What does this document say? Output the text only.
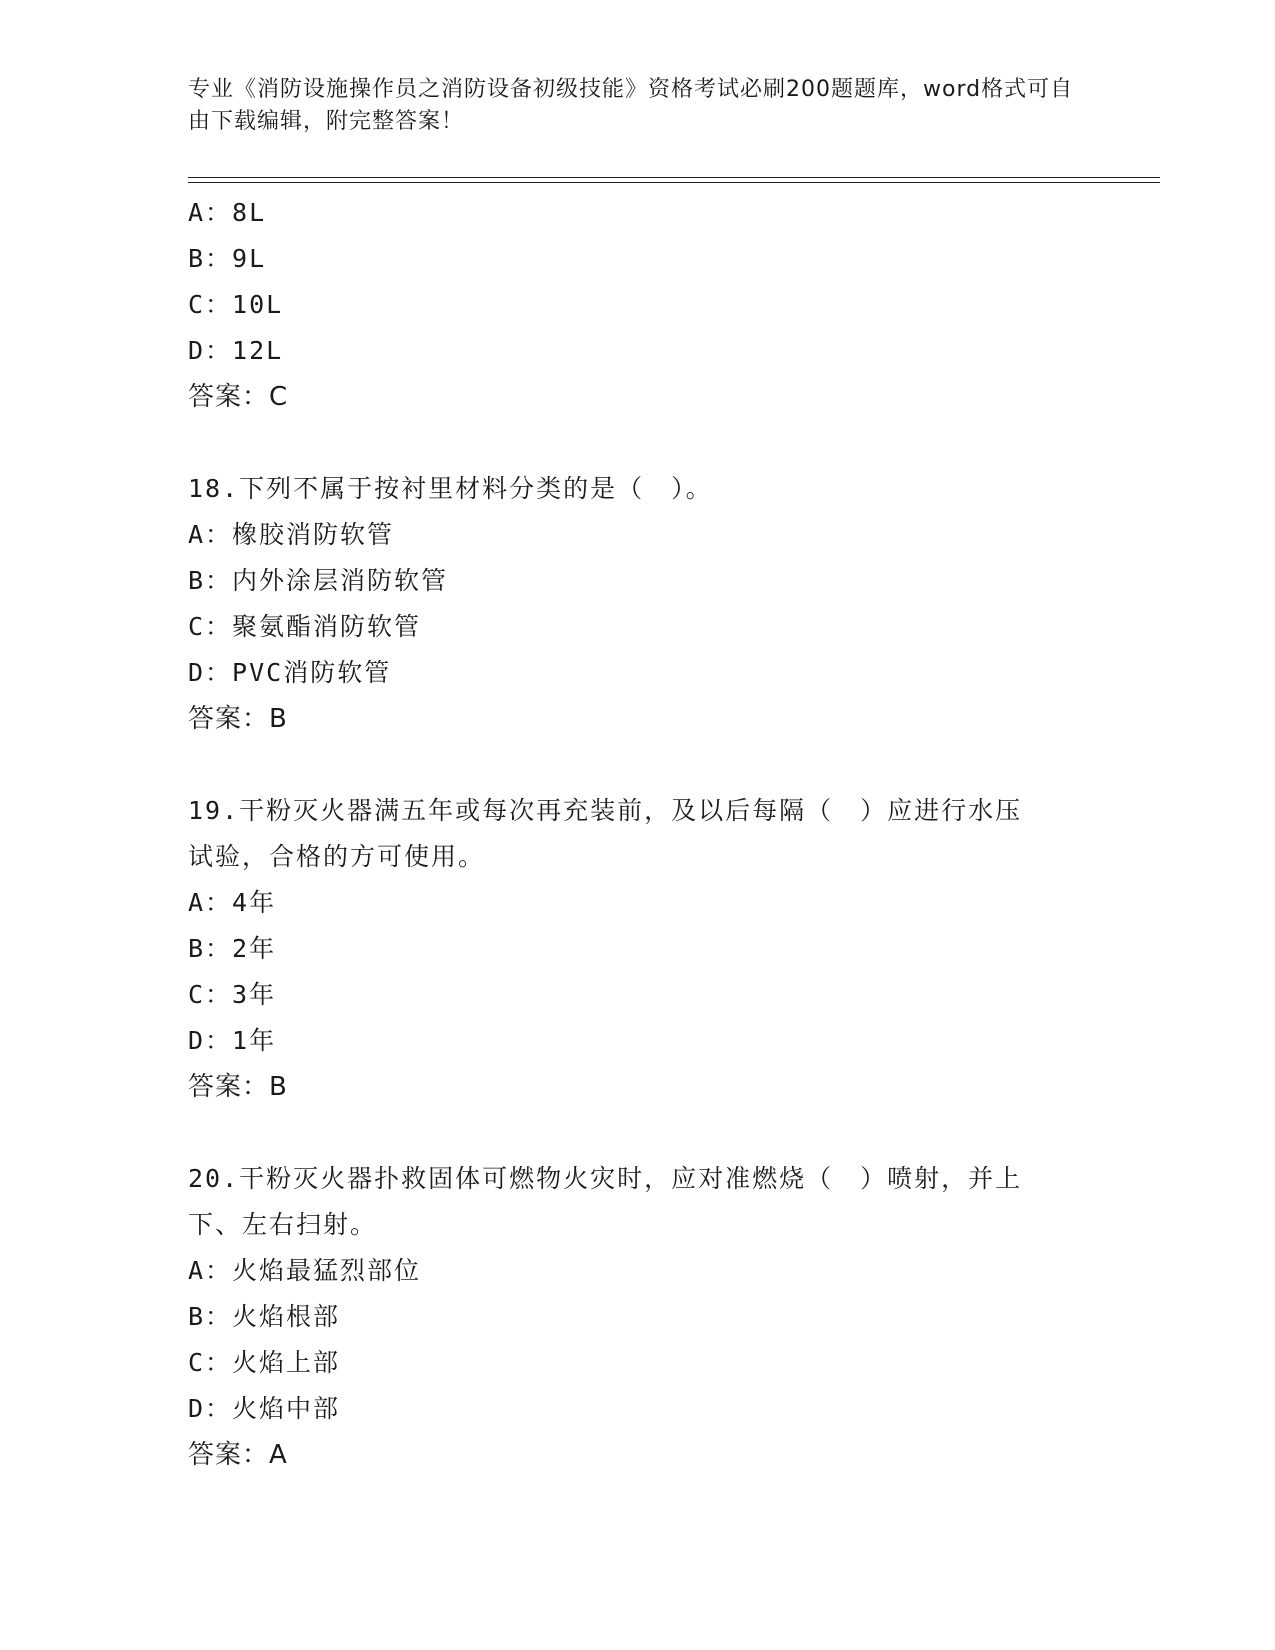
专业《消防设施操作员之消防设备初级技能》资格考试必刷200题题库，word格式可自由下载编辑，附完整答案！
A：8L
B：9L
C：10L
D：12L
答案：C
18.下列不属于按衬里材料分类的是（　）。
A：橡胶消防软管
B：内外涂层消防软管
C：聚氨酯消防软管
D：PVC消防软管
答案：B
19.干粉灭火器满五年或每次再充装前，及以后每隔（　）应进行水压
试验，合格的方可使用。
A：4年
B：2年
C：3年
D：1年
答案：B
20.干粉灭火器扑救固体可燃物火灾时，应对准燃烧（　）喷射，并上
下、左右扫射。
A：火焰最猛烈部位
B：火焰根部
C：火焰上部
D：火焰中部
答案：A
